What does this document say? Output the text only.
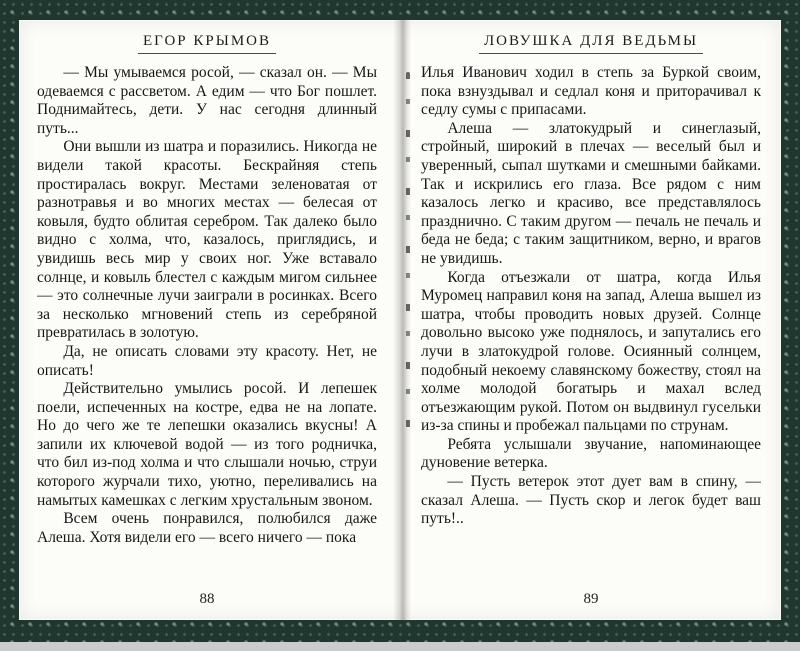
ЕГОР КРЫМОВ

— Мы умываемся росой, — сказал он. — Мы одеваемся с рассветом. А едим — что Бог пошлет. Поднимайтесь, дети. У нас сегодня длинный путь...

Они вышли из шатра и поразились. Никогда не видели такой красоты. Бескрайняя степь простиралась вокруг. Местами зеленоватая от разнотравья и во многих местах — белесая от ковыля, будто облитая серебром. Так далеко было видно с холма, что, казалось, приглядись, и увидишь весь мир у своих ног. Уже вставало солнце, и ковыль блестел с каждым мигом сильнее — это солнечные лучи заиграли в росинках. Всего за несколько мгновений степь из серебряной превратилась в золотую.

Да, не описать словами эту красоту. Нет, не описать!

Действительно умылись росой. И лепешек поели, испеченных на костре, едва не на лопате. Но до чего же те лепешки оказались вкусны! А запили их ключевой водой — из того родничка, что бил из-под холма и что слышали ночью, струи которого журчали тихо, уютно, переливались на намытых камешках с легким хрустальным звоном.

Всем очень понравился, полюбился даже Алеша. Хотя видели его — всего ничего — пока

88
ЛОВУШКА ДЛЯ ВЕДЬМЫ

Илья Иванович ходил в степь за Буркой своим, пока взнуздывал и седлал коня и приторачивал к седлу сумы с припасами.

Алеша — златокудрый и синеглазый, стройный, широкий в плечах — веселый был и уверенный, сыпал шутками и смешными байками. Так и искрились его глаза. Все рядом с ним казалось легко и красиво, все представлялось празднично. С таким другом — печаль не печаль и беда не беда; с таким защитником, верно, и врагов не увидишь.

Когда отъезжали от шатра, когда Илья Муромец направил коня на запад, Алеша вышел из шатра, чтобы проводить новых друзей. Солнце довольно высоко уже поднялось, и запутались его лучи в златокудрой голове. Осиянный солнцем, подобный некоему славянскому божеству, стоял на холме молодой богатырь и махал вслед отъезжающим рукой. Потом он выдвинул гусельки из-за спины и пробежал пальцами по струнам.

Ребята услышали звучание, напоминающее дуновение ветерка.

— Пусть ветерок этот дует вам в спину, — сказал Алеша. — Пусть скор и легок будет ваш путь!..

89
